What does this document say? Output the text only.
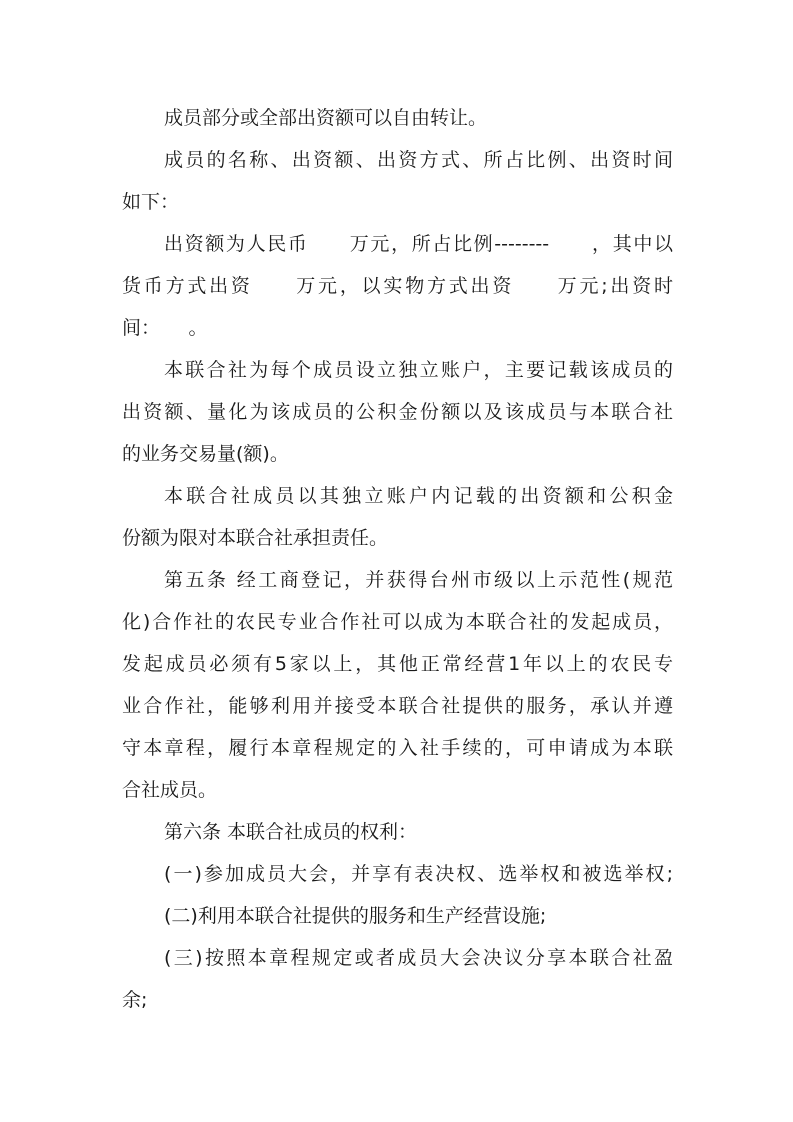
成员部分或全部出资额可以自由转让。
成员的名称、出资额、出资方式、所占比例、出资时间
如下：
出资额为人民币　　万元，所占比例--------　　，其中以
货币方式出资　　万元，以实物方式出资　　万元;出资时
间：　　。
本联合社为每个成员设立独立账户，主要记载该成员的
出资额、量化为该成员的公积金份额以及该成员与本联合社
的业务交易量(额)。
本联合社成员以其独立账户内记载的出资额和公积金
份额为限对本联合社承担责任。
第五条 经工商登记，并获得台州市级以上示范性(规范
化)合作社的农民专业合作社可以成为本联合社的发起成员，
发起成员必须有5家以上，其他正常经营1年以上的农民专
业合作社，能够利用并接受本联合社提供的服务，承认并遵
守本章程，履行本章程规定的入社手续的，可申请成为本联
合社成员。
第六条 本联合社成员的权利：
(一)参加成员大会，并享有表决权、选举权和被选举权;
(二)利用本联合社提供的服务和生产经营设施;
(三)按照本章程规定或者成员大会决议分享本联合社盈
余;
